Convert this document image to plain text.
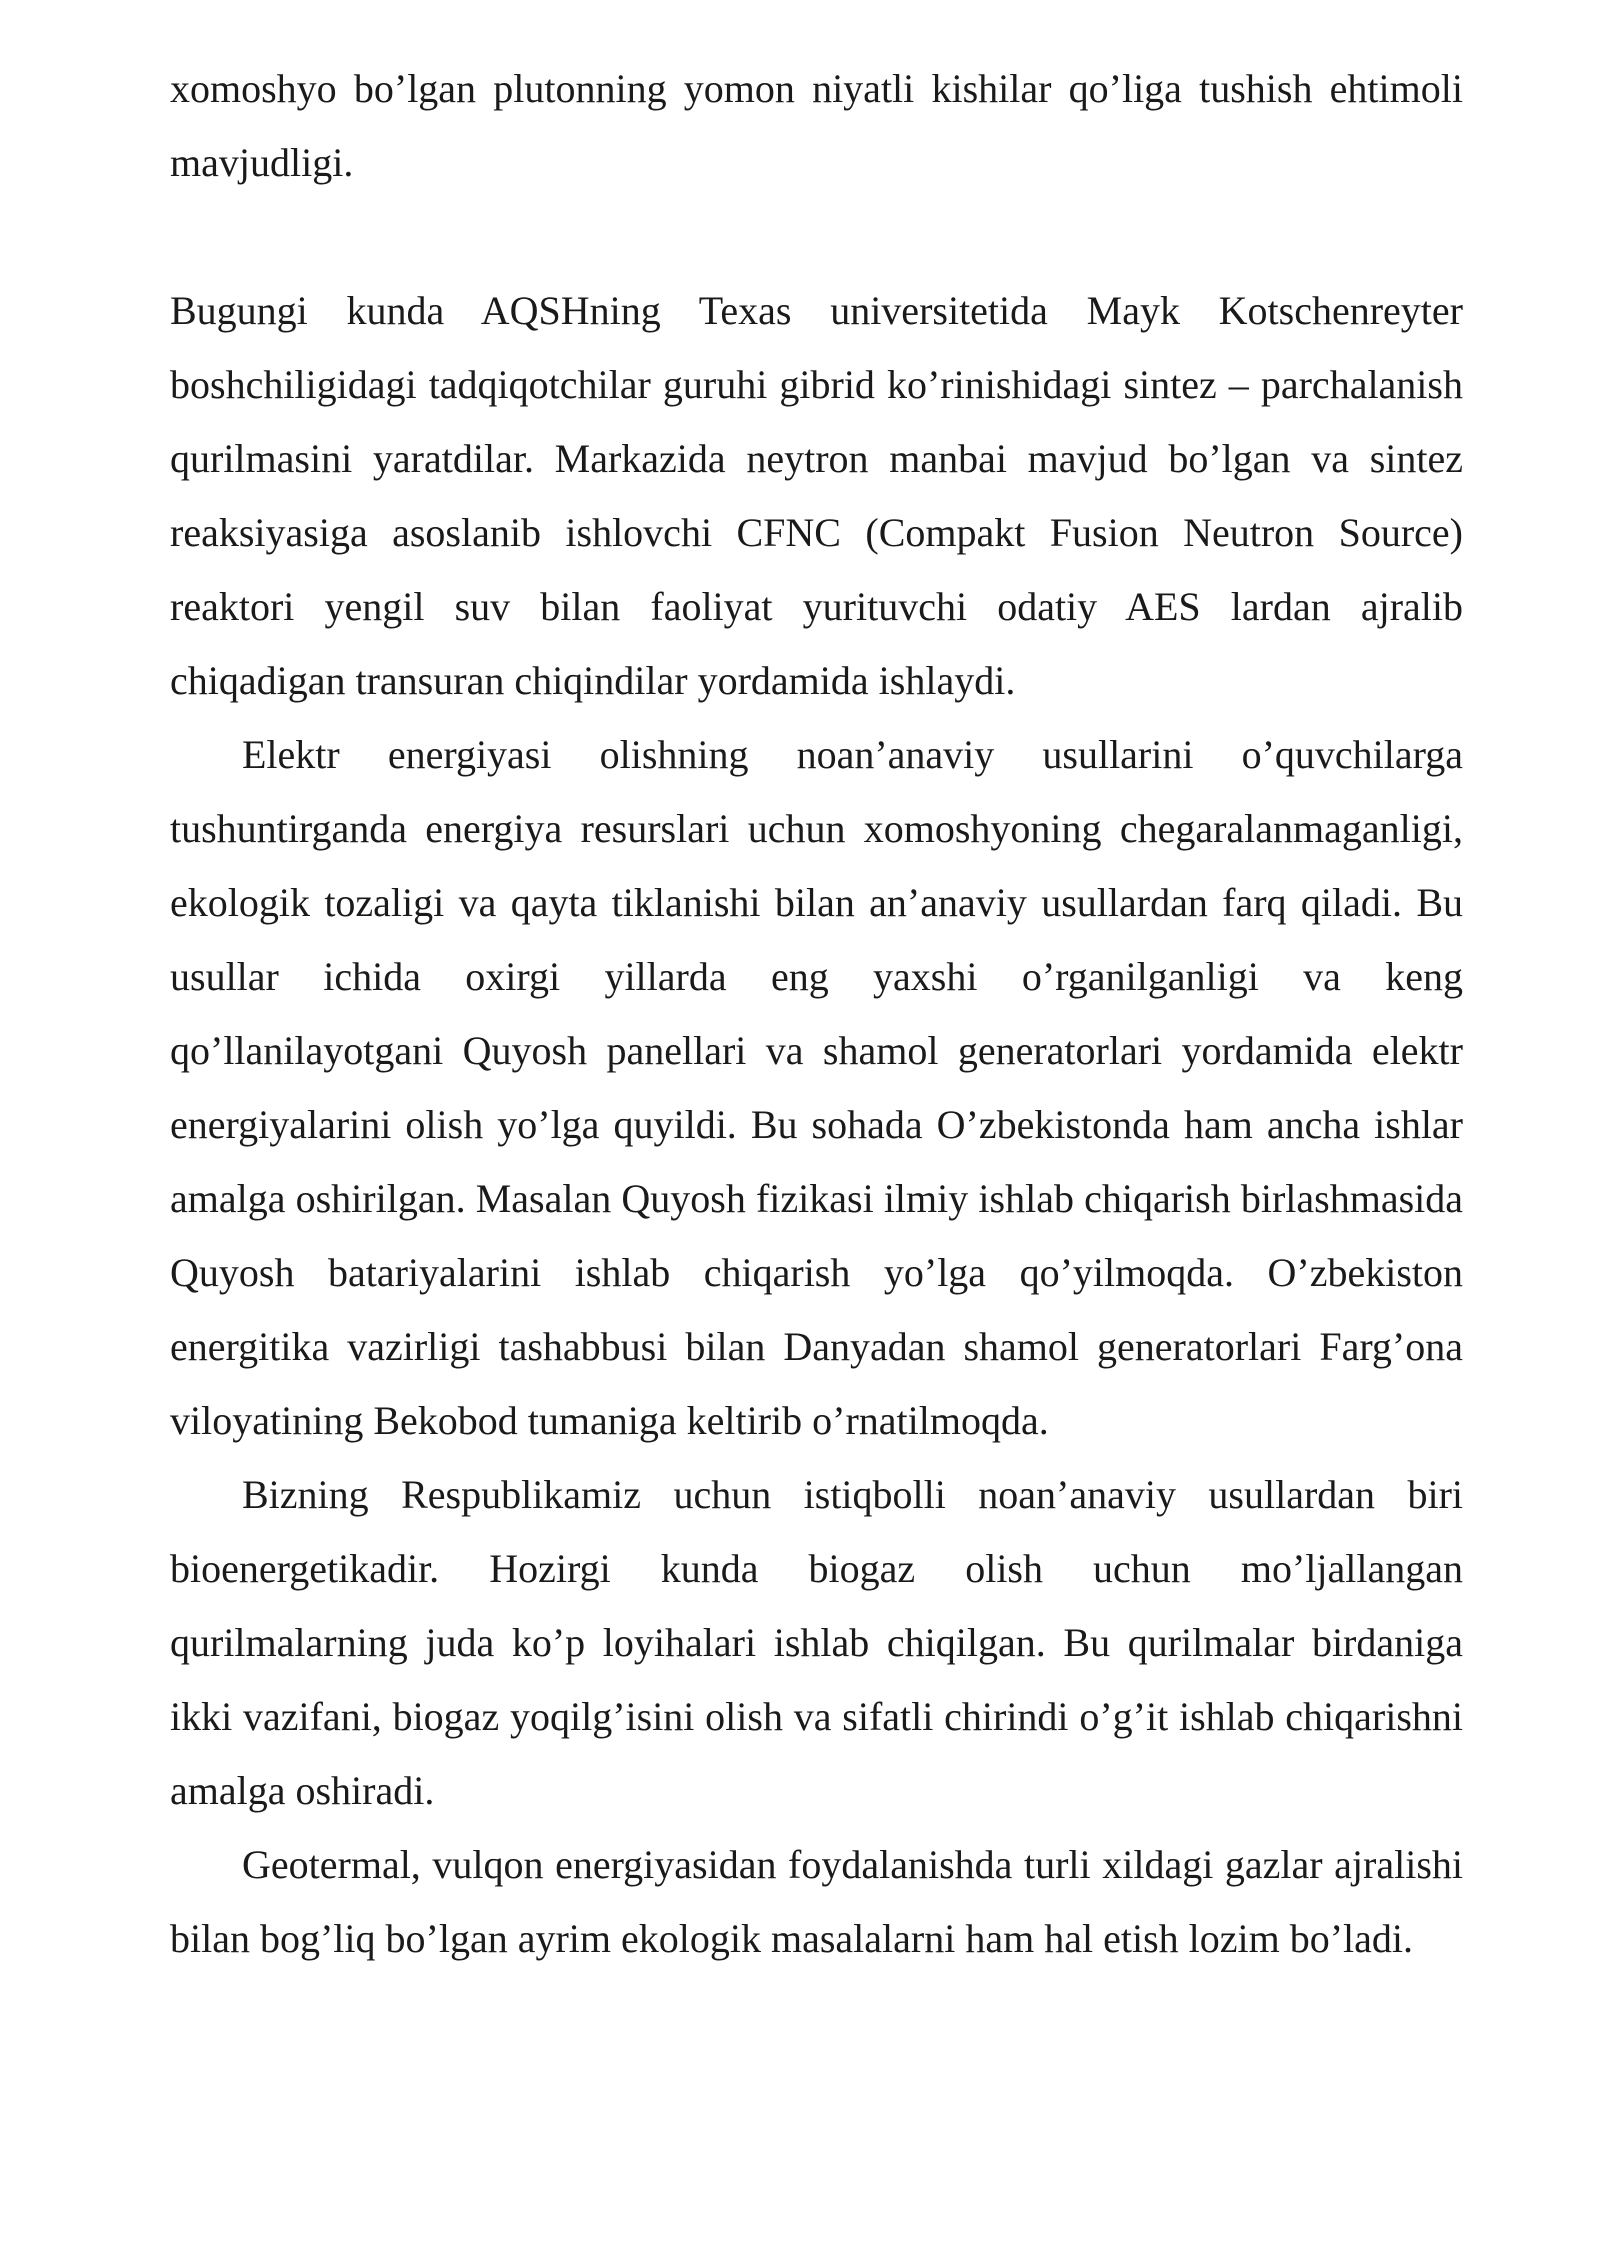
xomoshyo bo’lgan plutonning yomon niyatli kishilar qo’liga tushish ehtimoli mavjudligi.

Bugungi kunda AQSHning Texas universitetida Mayk Kotschenreyter boshchiligidagi tadqiqotchilar guruhi gibrid ko’rinishidagi sintez – parchalanish qurilmasini yaratdilar. Markazida neytron manbai mavjud bo’lgan va sintez reaksiyasiga asoslanib ishlovchi CFNC (Compakt Fusion Neutron Source) reaktori yengil suv bilan faoliyat yurituvchi odatiy AES lardan ajralib chiqadigan transuran chiqindilar yordamida ishlaydi.

Elektr energiyasi olishning noan’anaviy usullarini o’quvchilarga tushuntirganda energiya resurslari uchun xomoshyoning chegaralanmaganligi, ekologik tozaligi va qayta tiklanishi bilan an’anaviy usullardan farq qiladi. Bu usullar ichida oxirgi yillarda eng yaxshi o’rganilganligi va keng qo’llanilayotgani Quyosh panellari va shamol generatorlari yordamida elektr energiyalarini olish yo’lga quyildi. Bu sohada O’zbekistonda ham ancha ishlar amalga oshirilgan. Masalan Quyosh fizikasi ilmiy ishlab chiqarish birlashmasida Quyosh batariyalarini ishlab chiqarish yo’lga qo’yilmoqda. O’zbekiston energitika vazirligi tashabbusi bilan Danyadan shamol generatorlari Farg’ona viloyatining Bekobod tumaniga keltirib o’rnatilmoqda.

Bizning Respublikamiz uchun istiqbolli noan’anaviy usullardan biri bioenergetikadir. Hozirgi kunda biogaz olish uchun mo’ljallangan qurilmalarning juda ko’p loyihalari ishlab chiqilgan. Bu qurilmalar birdaniga ikki vazifani, biogaz yoqilg’isini olish va sifatli chirindi o’g’it ishlab chiqarishni amalga oshiradi.

Geotermal, vulqon energiyasidan foydalanishda turli xildagi gazlar ajralishi bilan bog’liq bo’lgan ayrim ekologik masalalarni ham hal etish lozim bo’ladi.
